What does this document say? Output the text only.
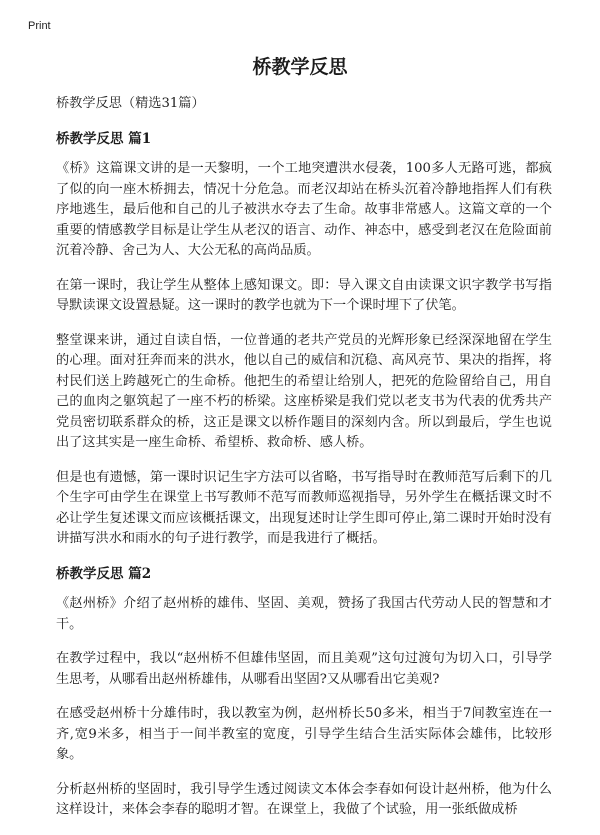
Print
桥教学反思

桥教学反思（精选31篇）

桥教学反思 篇1

《桥》这篇课文讲的是一天黎明，一个工地突遭洪水侵袭，100多人无路可逃，都疯了似的向一座木桥拥去，情况十分危急。而老汉却站在桥头沉着冷静地指挥人们有秩序地逃生，最后他和自己的儿子被洪水夺去了生命。故事非常感人。这篇文章的一个重要的情感教学目标是让学生从老汉的语言、动作、神态中，感受到老汉在危险面前沉着冷静、舍己为人、大公无私的高尚品质。

在第一课时，我让学生从整体上感知课文。即：导入课文自由读课文识字教学书写指导默读课文设置悬疑。这一课时的教学也就为下一个课时埋下了伏笔。

整堂课来讲，通过自读自悟，一位普通的老共产党员的光辉形象已经深深地留在学生的心理。面对狂奔而来的洪水，他以自己的威信和沉稳、高风亮节、果决的指挥，将村民们送上跨越死亡的生命桥。他把生的希望让给别人，把死的危险留给自己，用自己的血肉之躯筑起了一座不朽的桥梁。这座桥梁是我们党以老支书为代表的优秀共产党员密切联系群众的桥，这正是课文以桥作题目的深刻内含。所以到最后，学生也说出了这其实是一座生命桥、希望桥、救命桥、感人桥。

但是也有遗憾，第一课时识记生字方法可以省略，书写指导时在教师范写后剩下的几个生字可由学生在课堂上书写教师不范写而教师巡视指导，另外学生在概括课文时不必让学生复述课文而应该概括课文，出现复述时让学生即可停止,第二课时开始时没有讲描写洪水和雨水的句子进行教学，而是我进行了概括。

桥教学反思 篇2

《赵州桥》介绍了赵州桥的雄伟、坚固、美观，赞扬了我国古代劳动人民的智慧和才干。

在教学过程中，我以“赵州桥不但雄伟坚固，而且美观”这句过渡句为切入口，引导学生思考，从哪看出赵州桥雄伟，从哪看出坚固?又从哪看出它美观?

在感受赵州桥十分雄伟时，我以教室为例，赵州桥长50多米，相当于7间教室连在一齐,宽9米多，相当于一间半教室的宽度，引导学生结合生活实际体会雄伟，比较形象。

分析赵州桥的坚固时，我引导学生透过阅读文本体会李春如何设计赵州桥，他为什么这样设计，来体会李春的聪明才智。在课堂上，我做了个试验，用一张纸做成桥
